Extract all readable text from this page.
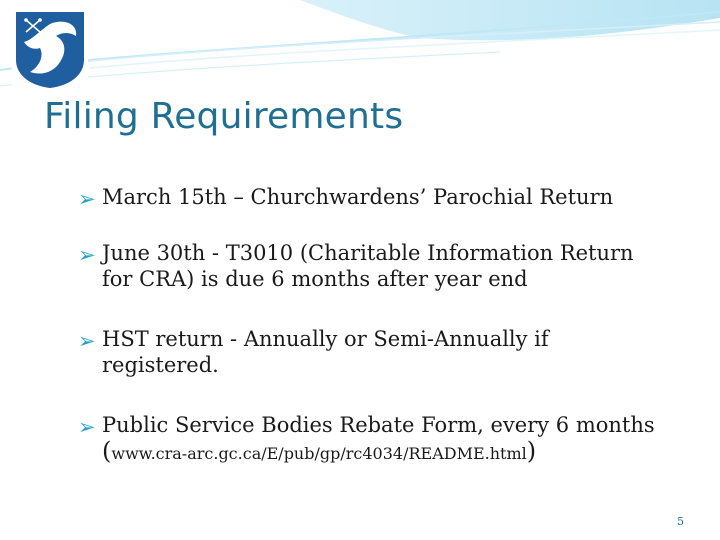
Filing Requirements
➢ March 15th – Churchwardens’ Parochial Return
➢ June 30th - T3010 (Charitable Information Return
for CRA) is due 6 months after year end
➢ HST return - Annually or Semi-Annually if
registered.
➢ Public Service Bodies Rebate Form, every 6 months
(www.cra-arc.gc.ca/E/pub/gp/rc4034/README.html)
5
